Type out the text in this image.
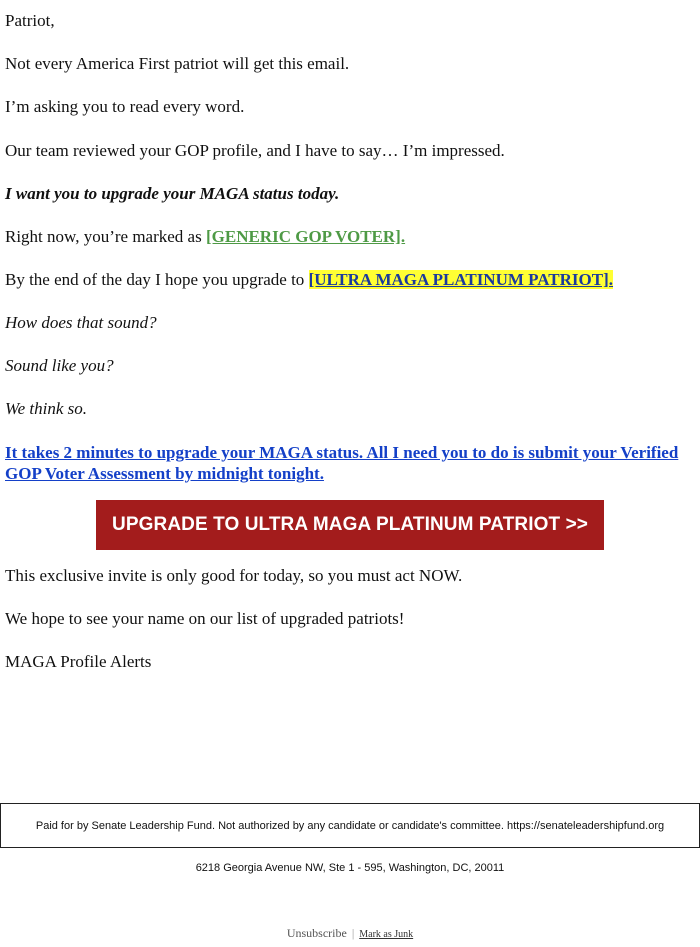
Patriot,

Not every America First patriot will get this email.

I’m asking you to read every word.

Our team reviewed your GOP profile, and I have to say… I’m impressed.

I want you to upgrade your MAGA status today.

Right now, you’re marked as [GENERIC GOP VOTER].

By the end of the day I hope you upgrade to [ULTRA MAGA PLATINUM PATRIOT].

How does that sound?

Sound like you?

We think so.

It takes 2 minutes to upgrade your MAGA status. All I need you to do is submit your Verified GOP Voter Assessment by midnight tonight.

UPGRADE TO ULTRA MAGA PLATINUM PATRIOT >>

This exclusive invite is only good for today, so you must act NOW.

We hope to see your name on our list of upgraded patriots!

MAGA Profile Alerts

Paid for by Senate Leadership Fund. Not authorized by any candidate or candidate's committee. https://senateleadershipfund.org
6218 Georgia Avenue NW, Ste 1 - 595, Washington, DC, 20011
Unsubscribe | Mark as Junk
